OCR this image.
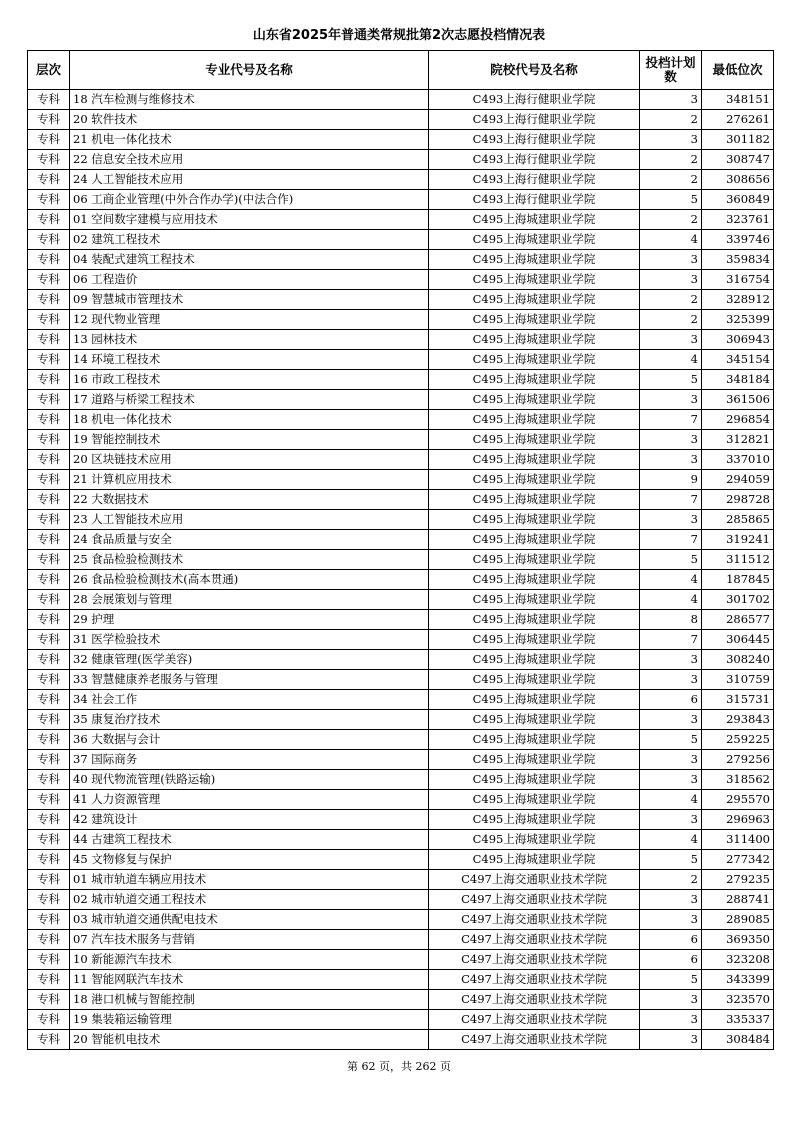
山东省2025年普通类常规批第2次志愿投档情况表
层次	专业代号及名称	院校代号及名称	投档计划数	最低位次
专科	18 汽车检测与维修技术	C493上海行健职业学院	3	348151
专科	20 软件技术	C493上海行健职业学院	2	276261
专科	21 机电一体化技术	C493上海行健职业学院	3	301182
专科	22 信息安全技术应用	C493上海行健职业学院	2	308747
专科	24 人工智能技术应用	C493上海行健职业学院	2	308656
专科	06 工商企业管理(中外合作办学)(中法合作)	C493上海行健职业学院	5	360849
专科	01 空间数字建模与应用技术	C495上海城建职业学院	2	323761
专科	02 建筑工程技术	C495上海城建职业学院	4	339746
专科	04 装配式建筑工程技术	C495上海城建职业学院	3	359834
专科	06 工程造价	C495上海城建职业学院	3	316754
专科	09 智慧城市管理技术	C495上海城建职业学院	2	328912
专科	12 现代物业管理	C495上海城建职业学院	2	325399
专科	13 园林技术	C495上海城建职业学院	3	306943
专科	14 环境工程技术	C495上海城建职业学院	4	345154
专科	16 市政工程技术	C495上海城建职业学院	5	348184
专科	17 道路与桥梁工程技术	C495上海城建职业学院	3	361506
专科	18 机电一体化技术	C495上海城建职业学院	7	296854
专科	19 智能控制技术	C495上海城建职业学院	3	312821
专科	20 区块链技术应用	C495上海城建职业学院	3	337010
专科	21 计算机应用技术	C495上海城建职业学院	9	294059
专科	22 大数据技术	C495上海城建职业学院	7	298728
专科	23 人工智能技术应用	C495上海城建职业学院	3	285865
专科	24 食品质量与安全	C495上海城建职业学院	7	319241
专科	25 食品检验检测技术	C495上海城建职业学院	5	311512
专科	26 食品检验检测技术(高本贯通)	C495上海城建职业学院	4	187845
专科	28 会展策划与管理	C495上海城建职业学院	4	301702
专科	29 护理	C495上海城建职业学院	8	286577
专科	31 医学检验技术	C495上海城建职业学院	7	306445
专科	32 健康管理(医学美容)	C495上海城建职业学院	3	308240
专科	33 智慧健康养老服务与管理	C495上海城建职业学院	3	310759
专科	34 社会工作	C495上海城建职业学院	6	315731
专科	35 康复治疗技术	C495上海城建职业学院	3	293843
专科	36 大数据与会计	C495上海城建职业学院	5	259225
专科	37 国际商务	C495上海城建职业学院	3	279256
专科	40 现代物流管理(铁路运输)	C495上海城建职业学院	3	318562
专科	41 人力资源管理	C495上海城建职业学院	4	295570
专科	42 建筑设计	C495上海城建职业学院	3	296963
专科	44 古建筑工程技术	C495上海城建职业学院	4	311400
专科	45 文物修复与保护	C495上海城建职业学院	5	277342
专科	01 城市轨道车辆应用技术	C497上海交通职业技术学院	2	279235
专科	02 城市轨道交通工程技术	C497上海交通职业技术学院	3	288741
专科	03 城市轨道交通供配电技术	C497上海交通职业技术学院	3	289085
专科	07 汽车技术服务与营销	C497上海交通职业技术学院	6	369350
专科	10 新能源汽车技术	C497上海交通职业技术学院	6	323208
专科	11 智能网联汽车技术	C497上海交通职业技术学院	5	343399
专科	18 港口机械与智能控制	C497上海交通职业技术学院	3	323570
专科	19 集装箱运输管理	C497上海交通职业技术学院	3	335337
专科	20 智能机电技术	C497上海交通职业技术学院	3	308484
第 62 页，共 262 页
